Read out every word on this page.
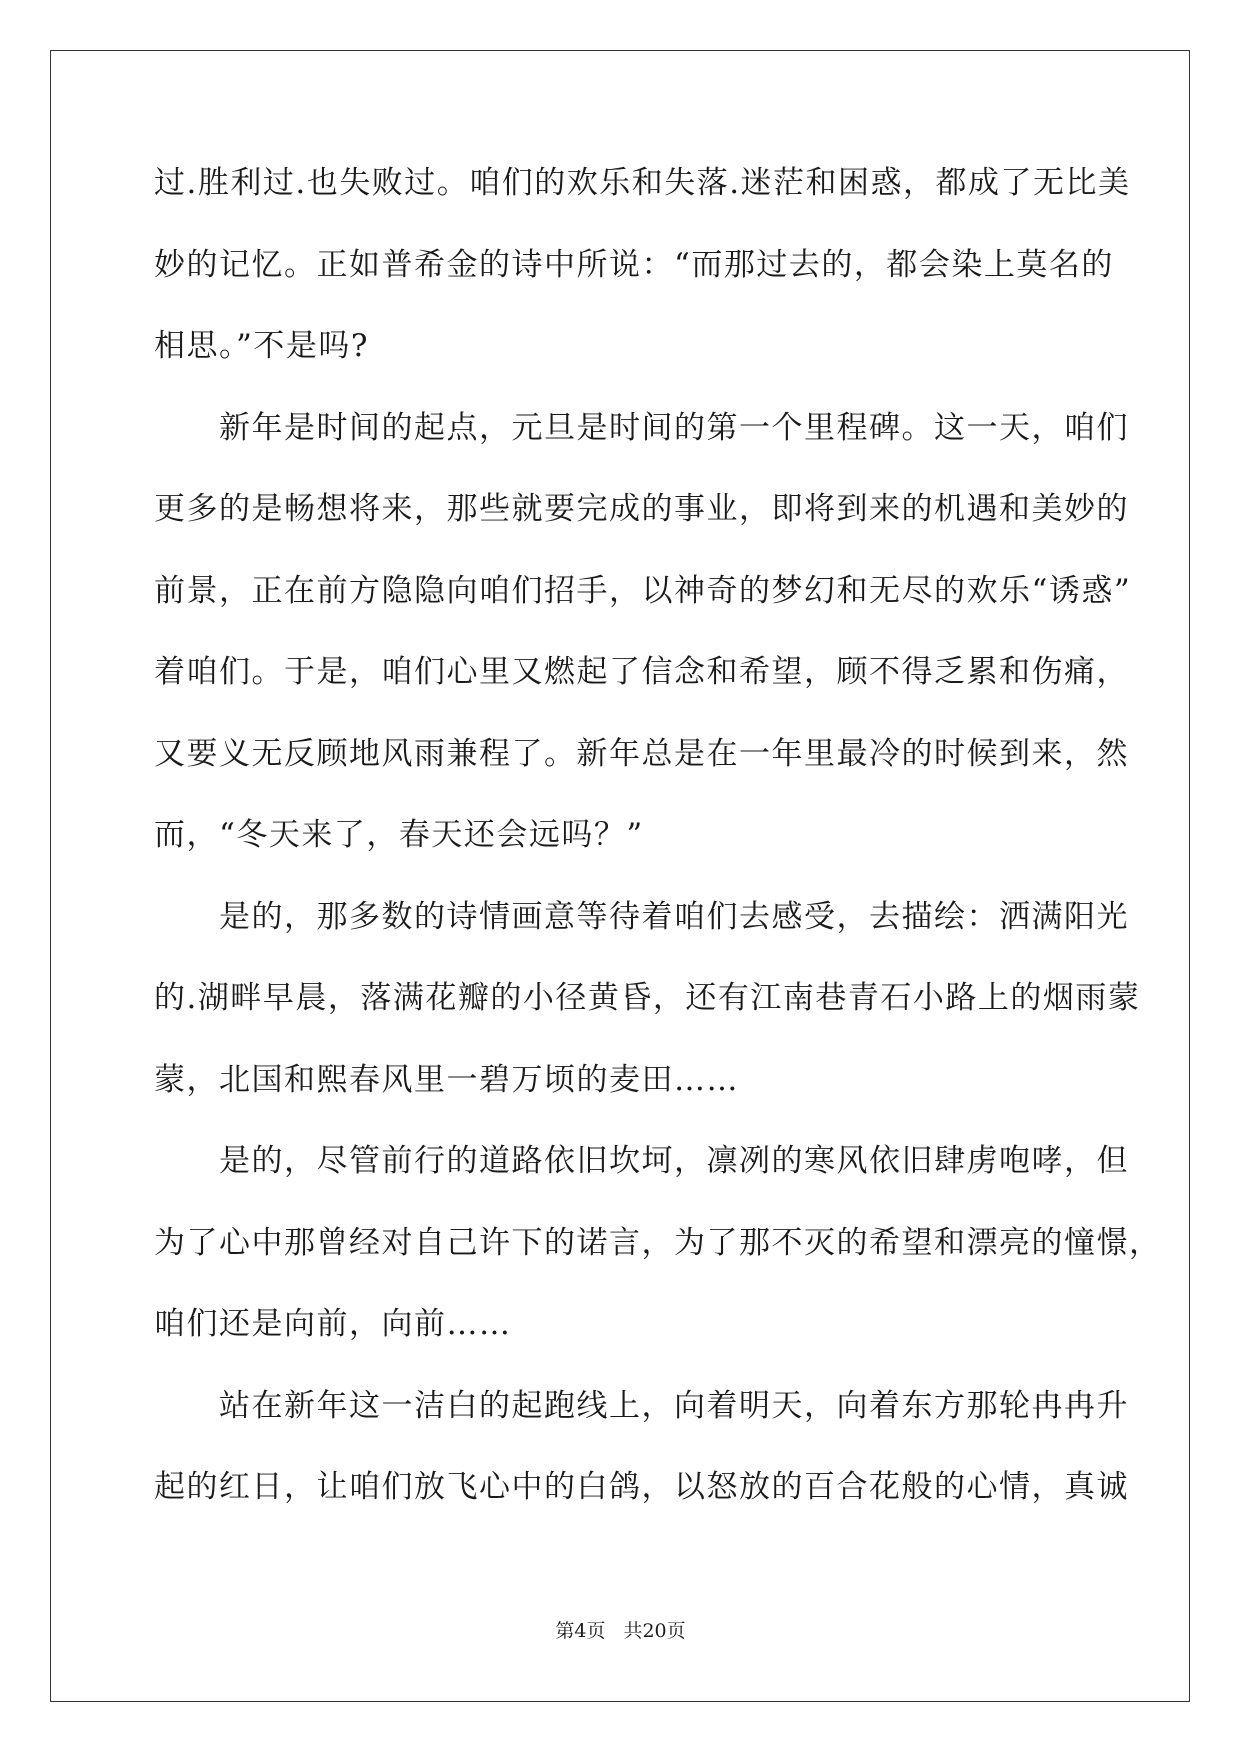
过.胜利过.也失败过。咱们的欢乐和失落.迷茫和困惑，都成了无比美
妙的记忆。正如普希金的诗中所说：“而那过去的，都会染上莫名的
相思。”不是吗?
　　新年是时间的起点，元旦是时间的第一个里程碑。这一天，咱们
更多的是畅想将来，那些就要完成的事业，即将到来的机遇和美妙的
前景，正在前方隐隐向咱们招手，以神奇的梦幻和无尽的欢乐“诱惑”
着咱们。于是，咱们心里又燃起了信念和希望，顾不得乏累和伤痛，
又要义无反顾地风雨兼程了。新年总是在一年里最冷的时候到来，然
而，“冬天来了，春天还会远吗？”
　　是的，那多数的诗情画意等待着咱们去感受，去描绘：洒满阳光
的.湖畔早晨，落满花瓣的小径黄昏，还有江南巷青石小路上的烟雨蒙
蒙，北国和熙春风里一碧万顷的麦田……
　　是的，尽管前行的道路依旧坎坷，凛冽的寒风依旧肆虏咆哮，但
为了心中那曾经对自己许下的诺言，为了那不灭的希望和漂亮的憧憬，
咱们还是向前，向前……
　　站在新年这一洁白的起跑线上，向着明天，向着东方那轮冉冉升
起的红日，让咱们放飞心中的白鸽，以怒放的百合花般的心情，真诚
第4页 共20页
